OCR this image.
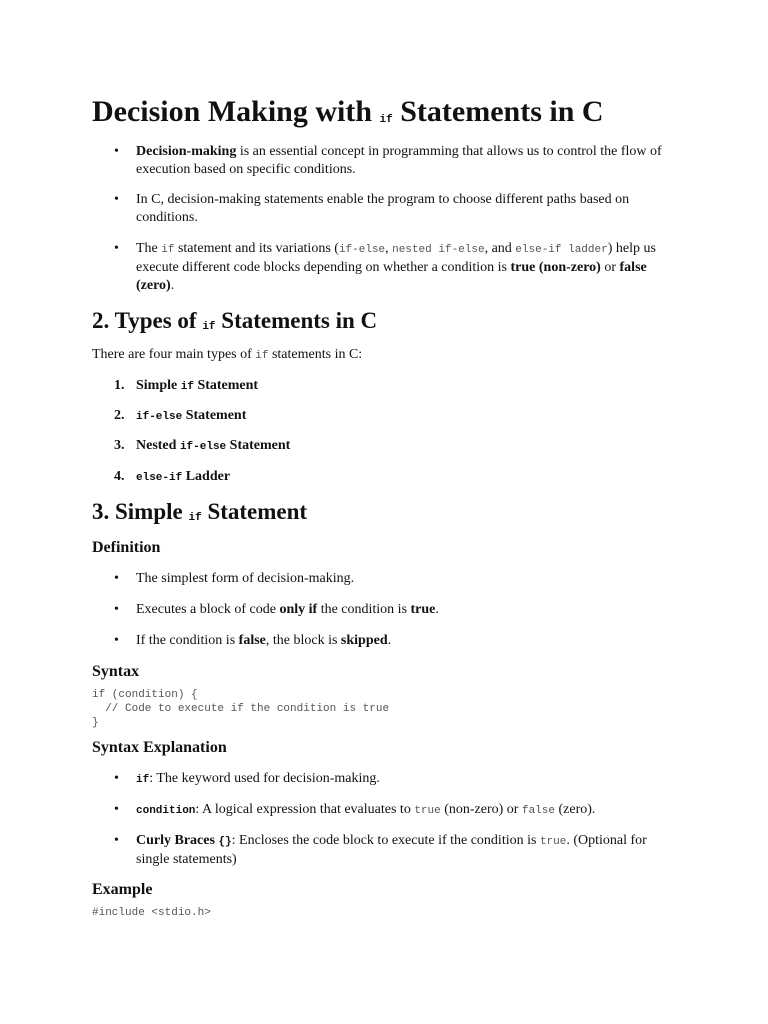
Decision Making with if Statements in C
• Decision-making is an essential concept in programming that allows us to control the flow of execution based on specific conditions.
• In C, decision-making statements enable the program to choose different paths based on conditions.
• The if statement and its variations (if-else, nested if-else, and else-if ladder) help us execute different code blocks depending on whether a condition is true (non-zero) or false (zero).
2. Types of if Statements in C
There are four main types of if statements in C:
1. Simple if Statement
2. if-else Statement
3. Nested if-else Statement
4. else-if Ladder
3. Simple if Statement
Definition
• The simplest form of decision-making.
• Executes a block of code only if the condition is true.
• If the condition is false, the block is skipped.
Syntax
if (condition) {
// Code to execute if the condition is true
}
Syntax Explanation
• if: The keyword used for decision-making.
• condition: A logical expression that evaluates to true (non-zero) or false (zero).
• Curly Braces {}: Encloses the code block to execute if the condition is true. (Optional for single statements)
Example
#include <stdio.h>
